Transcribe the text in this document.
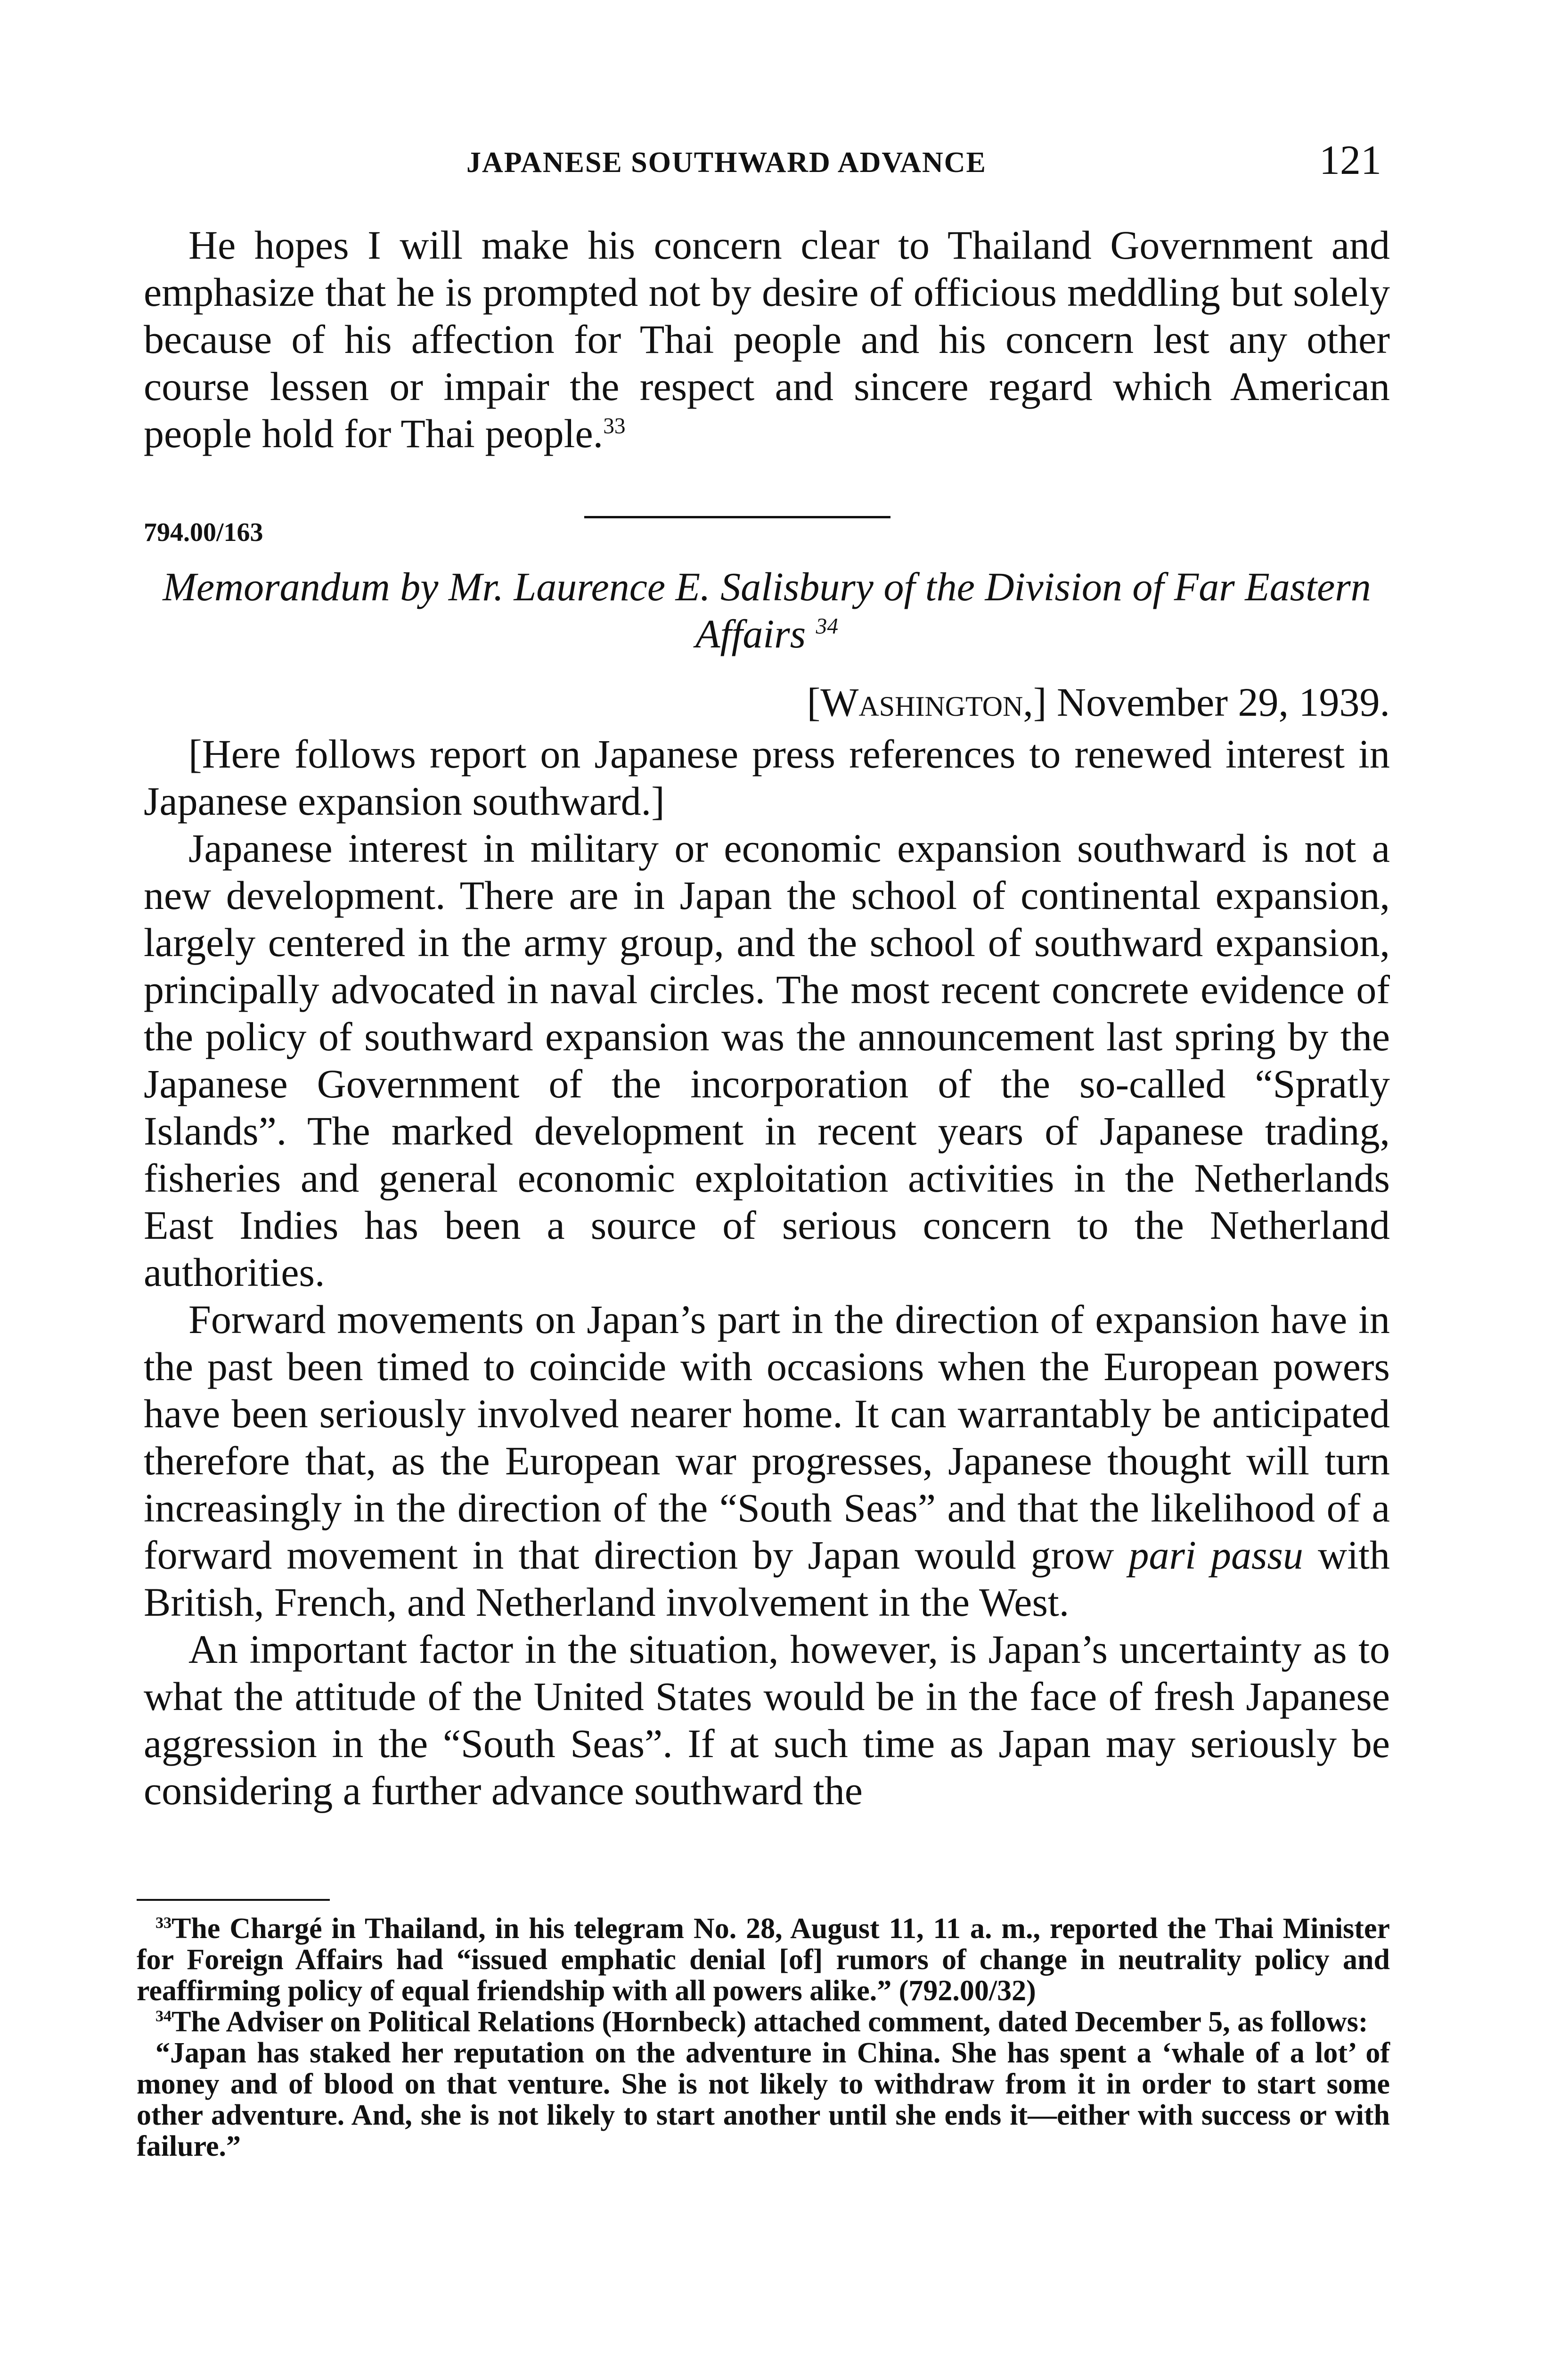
JAPANESE SOUTHWARD ADVANCE	121

He hopes I will make his concern clear to Thailand Government and emphasize that he is prompted not by desire of officious meddling but solely because of his affection for Thai people and his concern lest any other course lessen or impair the respect and sincere regard which American people hold for Thai people.$^{33}$

794.00/163
Memorandum by Mr. Laurence E. Salisbury of the Division of Far Eastern Affairs $^{34}$
[Washington,] November 29, 1939.

[Here follows report on Japanese press references to renewed interest in Japanese expansion southward.]

Japanese interest in military or economic expansion southward is not a new development. There are in Japan the school of continental expansion, largely centered in the army group, and the school of southward expansion, principally advocated in naval circles. The most recent concrete evidence of the policy of southward expansion was the announcement last spring by the Japanese Government of the incorporation of the so-called “Spratly Islands”. The marked development in recent years of Japanese trading, fisheries and general economic exploitation activities in the Netherlands East Indies has been a source of serious concern to the Netherland authorities.

Forward movements on Japan’s part in the direction of expansion have in the past been timed to coincide with occasions when the European powers have been seriously involved nearer home. It can warrantably be anticipated therefore that, as the European war progresses, Japanese thought will turn increasingly in the direction of the “South Seas” and that the likelihood of a forward movement in that direction by Japan would grow pari passu with British, French, and Netherland involvement in the West.

An important factor in the situation, however, is Japan’s uncertainty as to what the attitude of the United States would be in the face of fresh Japanese aggression in the “South Seas”. If at such time as Japan may seriously be considering a further advance southward the

$^{33}$The Chargé in Thailand, in his telegram No. 28, August 11, 11 a. m., reported the Thai Minister for Foreign Affairs had “issued emphatic denial [of] rumors of change in neutrality policy and reaffirming policy of equal friendship with all powers alike.” (792.00/32)

$^{34}$The Adviser on Political Relations (Hornbeck) attached comment, dated December 5, as follows:

“Japan has staked her reputation on the adventure in China. She has spent a ‘whale of a lot’ of money and of blood on that venture. She is not likely to withdraw from it in order to start some other adventure. And, she is not likely to start another until she ends it—either with success or with failure.”
